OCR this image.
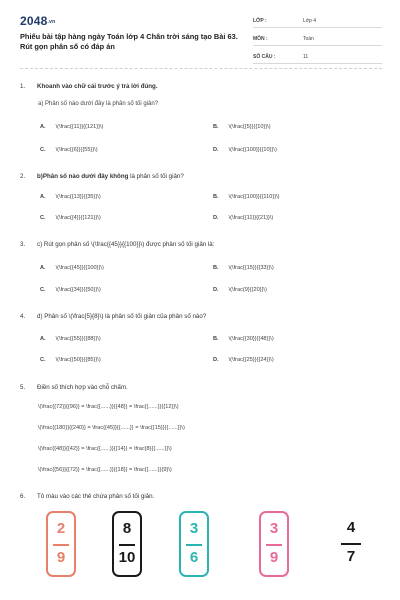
2048.vn
Phiếu bài tập hàng ngày Toán lớp 4 Chân trời sáng tạo Bài 63. Rút gọn phân số có đáp án
LỚP :	Lớp 4
MÔN :	Toán
SỐ CÂU :	11
1. Khoanh vào chữ cái trước ý trả lời đúng.
a) Phân số nào dưới đây là phân số tối giản?
A. \(\frac{{11}}{{121}}\)	B. \(\frac{{5}}{{10}}\)
C. \(\frac{{6}}{{55}}\)	D. \(\frac{{100}}{{10}}\)
2. b)Phân số nào dưới đây không là phân số tối giản?
A. \(\frac{{13}}{{35}}\)	B. \(\frac{{100}}{{110}}\)
C. \(\frac{{4}}{{121}}\)	D. \(\frac{{11}}{{21}}\)
3. c) Rút gọn phân số \(\frac{{45}}{{100}}\) được phân số tối giản là:
A. \(\frac{{45}}{{100}}\)	B. \(\frac{{15}}{{33}}\)
C. \(\frac{{34}}{{50}}\)	D. \(\frac{9}{{20}}\)
4. d) Phân số \(\frac{5}{8}\) là phân số tối giản của phân số nào?
A. \(\frac{{55}}{{88}}\)	B. \(\frac{{30}}{{48}}\)
C. \(\frac{{50}}{{85}}\)	D. \(\frac{{25}}{{24}}\)
5. Điền số thích hợp vào chỗ chấm.
\(\frac{{72}}{{96}} = \frac{{......}}{{48}} = \frac{{......}}{{12}}\)
\(\frac{{180}}{{240}} = \frac{{45}}{{......}} = \frac{{15}}{{......}}\)
\(\frac{{48}}{{42}} = \frac{{......}}{{14}} = \frac{8}{{......}}\)
\(\frac{{56}}{{72}} = \frac{{......}}{{18}} = \frac{{......}}{9}\)
6. Tô màu vào các thẻ chứa phân số tối giản.
2
9
8
10
3
6
3
9
4
7
